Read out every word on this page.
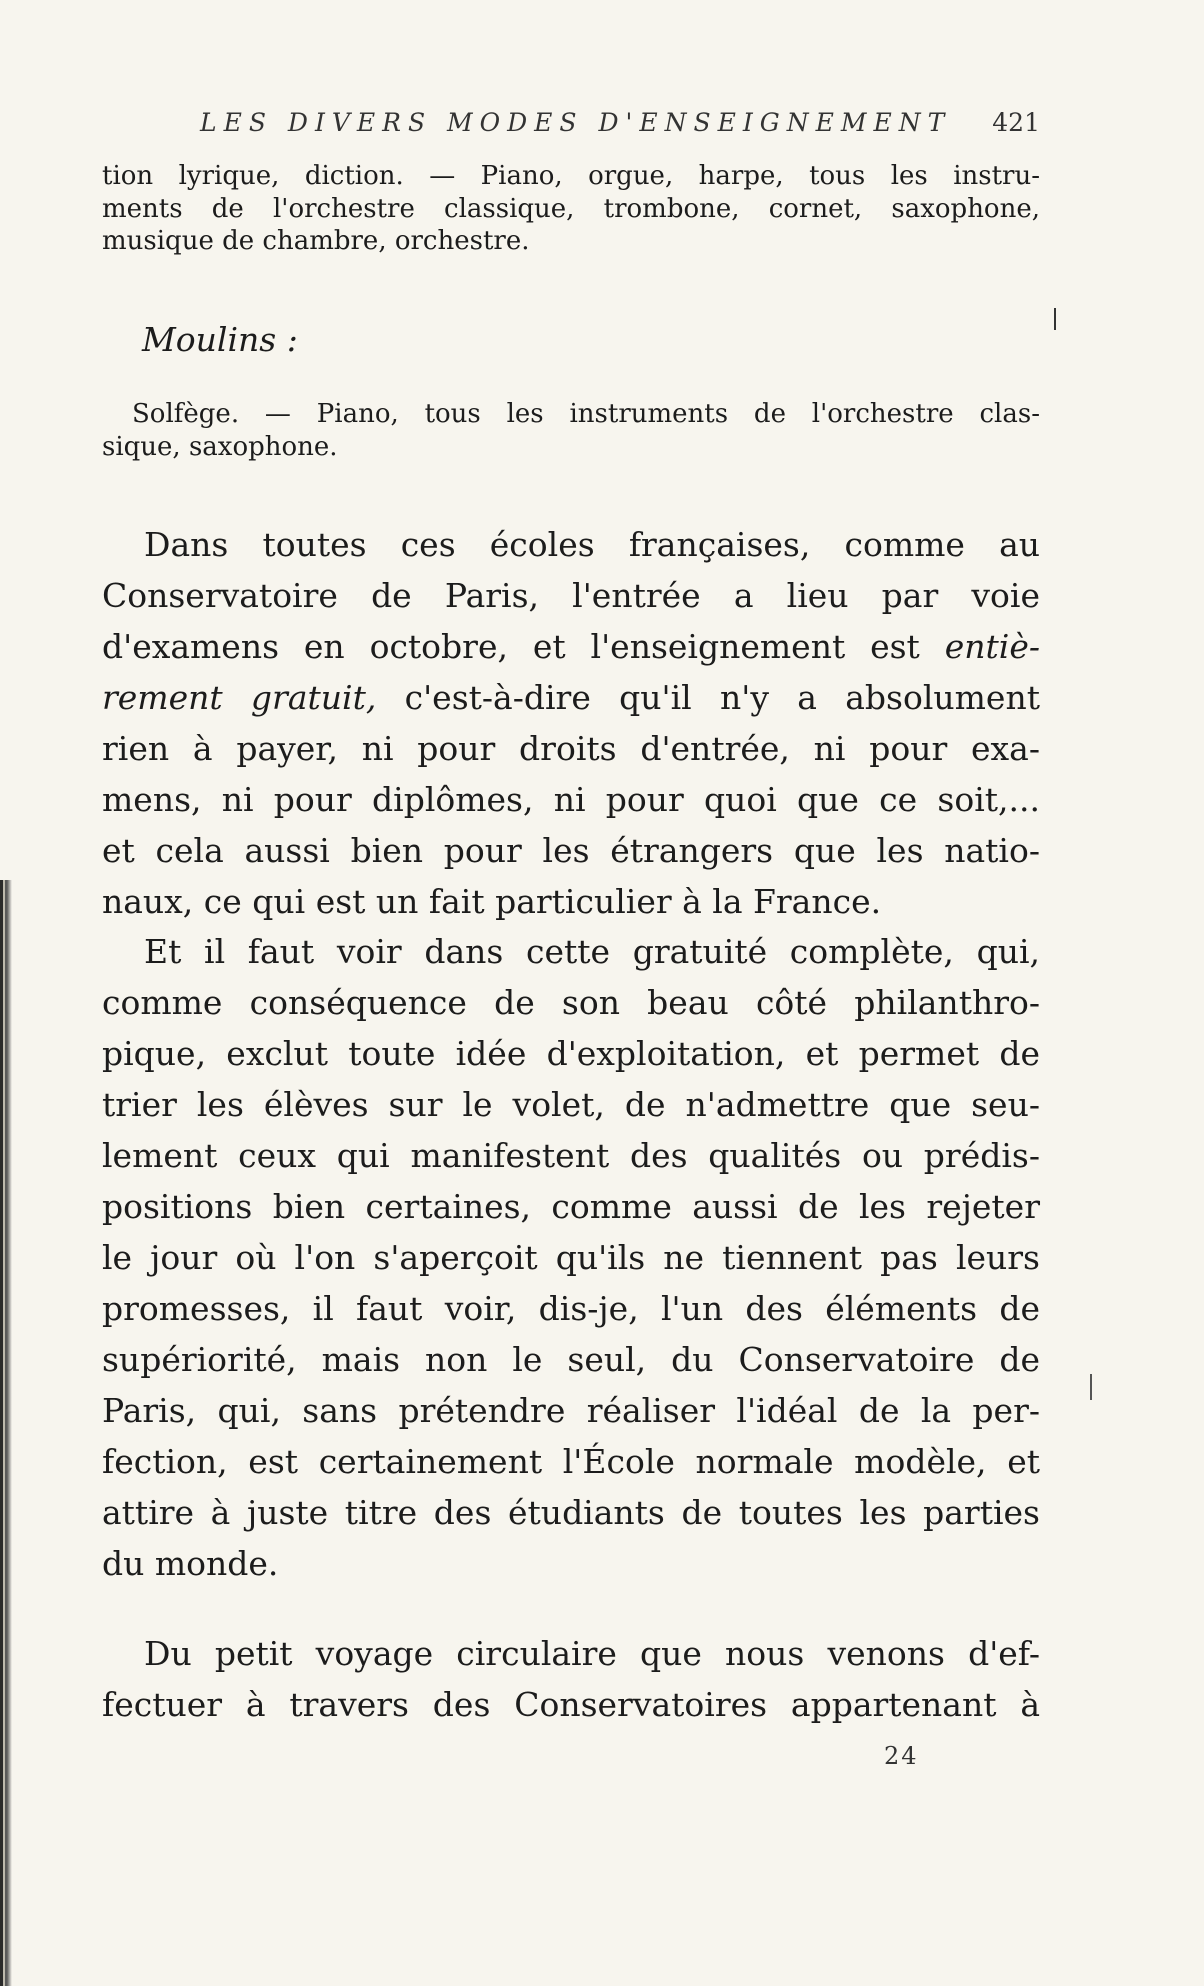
LES DIVERS MODES D'ENSEIGNEMENT 421
tion lyrique, diction. — Piano, orgue, harpe, tous les instru-
ments de l'orchestre classique, trombone, cornet, saxophone,
musique de chambre, orchestre.
Moulins :
Solfège. — Piano, tous les instruments de l'orchestre clas-
sique, saxophone.
Dans toutes ces écoles françaises, comme au
Conservatoire de Paris, l'entrée a lieu par voie
d'examens en octobre, et l'enseignement est entiè-
rement gratuit, c'est-à-dire qu'il n'y a absolument
rien à payer, ni pour droits d'entrée, ni pour exa-
mens, ni pour diplômes, ni pour quoi que ce soit,...
et cela aussi bien pour les étrangers que les natio-
naux, ce qui est un fait particulier à la France.
Et il faut voir dans cette gratuité complète, qui,
comme conséquence de son beau côté philanthro-
pique, exclut toute idée d'exploitation, et permet de
trier les élèves sur le volet, de n'admettre que seu-
lement ceux qui manifestent des qualités ou prédis-
positions bien certaines, comme aussi de les rejeter
le jour où l'on s'aperçoit qu'ils ne tiennent pas leurs
promesses, il faut voir, dis-je, l'un des éléments de
supériorité, mais non le seul, du Conservatoire de
Paris, qui, sans prétendre réaliser l'idéal de la per-
fection, est certainement l'École normale modèle, et
attire à juste titre des étudiants de toutes les parties
du monde.
Du petit voyage circulaire que nous venons d'ef-
fectuer à travers des Conservatoires appartenant à
24
